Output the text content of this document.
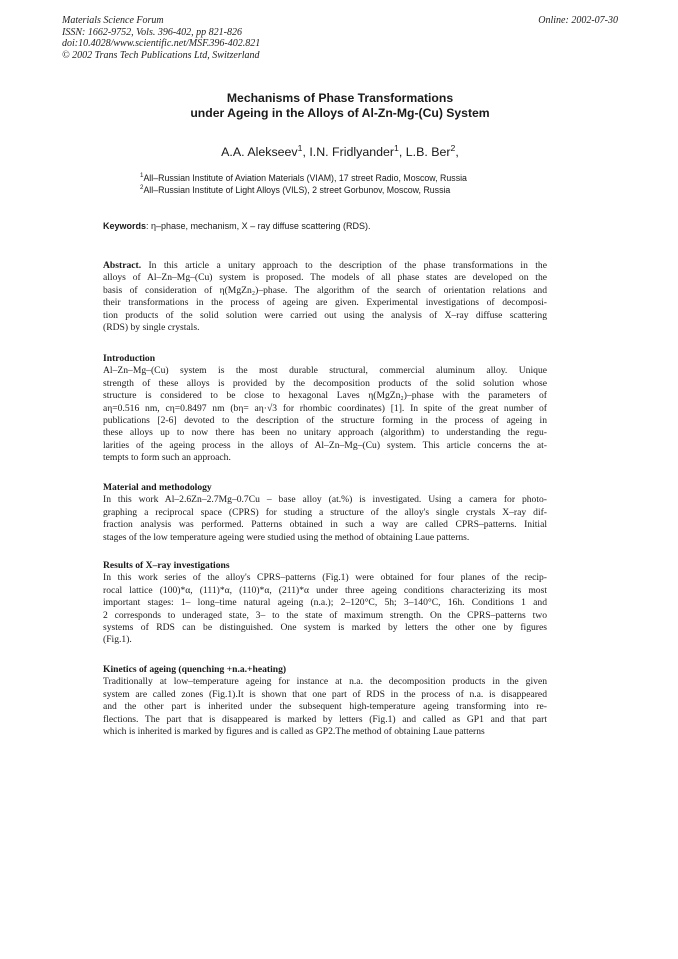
Materials Science Forum
ISSN: 1662-9752, Vols. 396-402, pp 821-826
doi:10.4028/www.scientific.net/MSF.396-402.821
© 2002 Trans Tech Publications Ltd, Switzerland
Online: 2002-07-30
Mechanisms of Phase Transformations
under Ageing in the Alloys of Al-Zn-Mg-(Cu) System
A.A. Alekseev$^1$, I.N. Fridlyander$^1$, L.B. Ber$^2$,
$^1$All–Russian Institute of Aviation Materials (VIAM), 17 street Radio, Moscow, Russia
$^2$All–Russian Institute of Light Alloys (VILS), 2 street Gorbunov, Moscow, Russia
Keywords: η–phase, mechanism, X – ray diffuse scattering (RDS).
Abstract. In this article a unitary approach to the description of the phase transformations in the
alloys of Al–Zn–Mg–(Cu) system is proposed. The models of all phase states are developed on the
basis of consideration of η(MgZn₂)–phase. The algorithm of the search of orientation relations and
their transformations in the process of ageing are given. Experimental investigations of decomposi-
tion products of the solid solution were carried out using the analysis of X–ray diffuse scattering
(RDS) by single crystals.
Introduction
Al–Zn–Mg–(Cu) system is the most durable structural, commercial aluminum alloy. Unique
strength of these alloys is provided by the decomposition products of the solid solution whose
structure is considered to be close to hexagonal Laves η(MgZn₂)–phase with the parameters of
aη=0.516 nm, cη=0.8497 nm (bη= aη·√3 for rhombic coordinates) [1]. In spite of the great number of
publications [2-6] devoted to the description of the structure forming in the process of ageing in
these alloys up to now there has been no unitary approach (algorithm) to understanding the regu-
larities of the ageing process in the alloys of Al–Zn–Mg–(Cu) system. This article concerns the at-
tempts to form such an approach.
Material and methodology
In this work Al–2.6Zn–2.7Mg–0.7Cu – base alloy (at.%) is investigated. Using a camera for photo-
graphing a reciprocal space (CPRS) for studing a structure of the alloy's single crystals X–ray dif-
fraction analysis was performed. Patterns obtained in such a way are called CPRS–patterns. Initial
stages of the low temperature ageing were studied using the method of obtaining Laue patterns.
Results of X–ray investigations
In this work series of the alloy's CPRS–patterns (Fig.1) were obtained for four planes of the recip-
rocal lattice (100)*α, (111)*α, (110)*α, (211)*α under three ageing conditions characterizing its most
important stages: 1– long–time natural ageing (n.a.); 2–120°C, 5h; 3–140°C, 16h. Conditions 1 and
2 corresponds to underaged state, 3– to the state of maximum strength. On the CPRS–patterns two
systems of RDS can be distinguished. One system is marked by letters the other one by figures
(Fig.1).
Kinetics of ageing (quenching +n.a.+heating)
Traditionally at low–temperature ageing for instance at n.a. the decomposition products in the given
system are called zones (Fig.1).It is shown that one part of RDS in the process of n.a. is disappeared
and the other part is inherited under the subsequent high-temperature ageing transforming into re-
flections. The part that is disappeared is marked by letters (Fig.1) and called as GP1 and that part
which is inherited is marked by figures and is called as GP2.The method of obtaining Laue patterns
